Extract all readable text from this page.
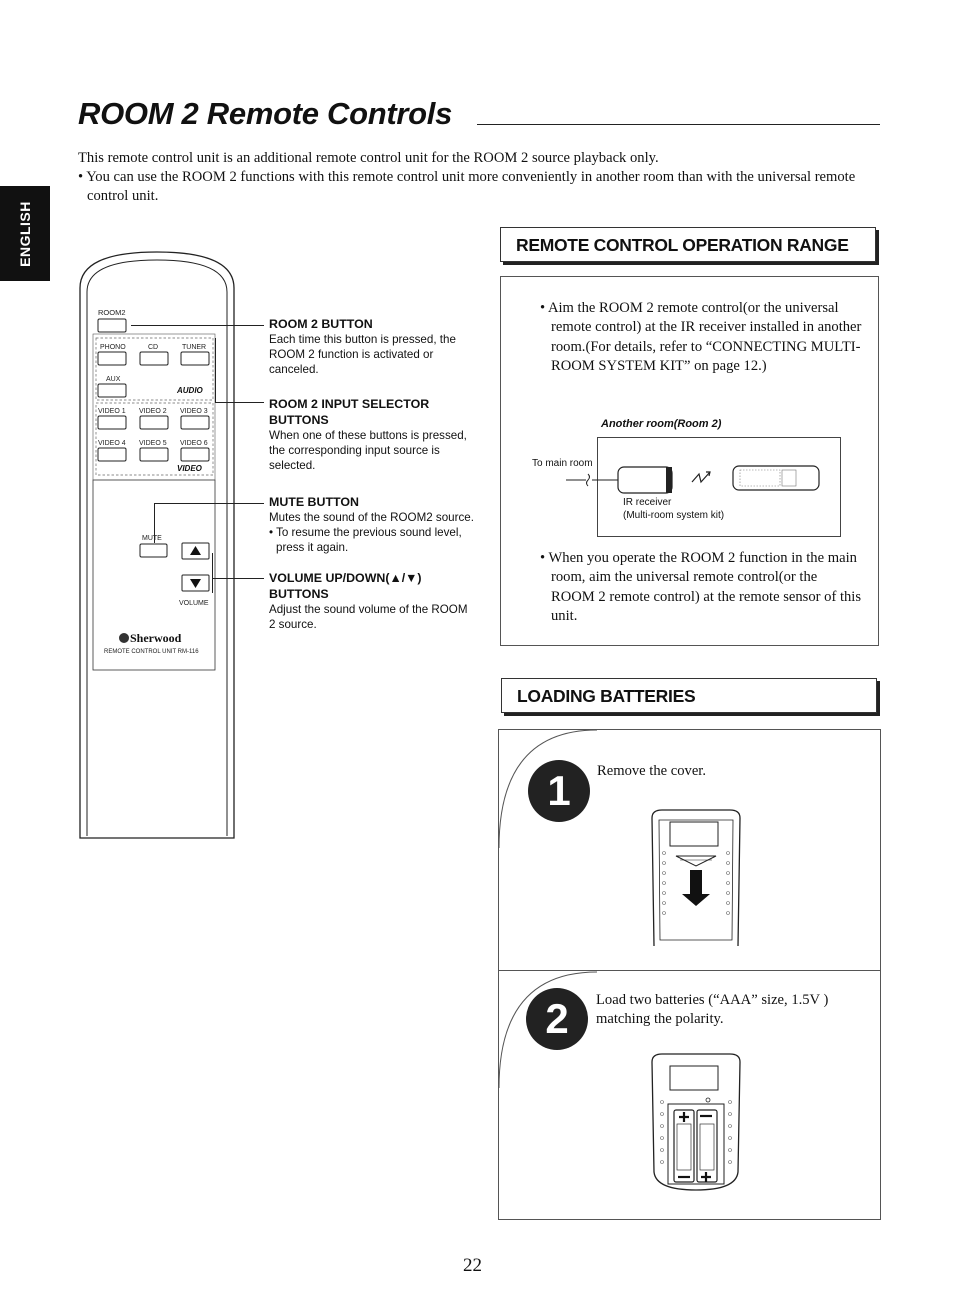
ROOM 2 Remote Controls

This remote control unit is an additional remote control unit for the ROOM 2 source playback only.

• You can use the ROOM 2 functions with this remote control unit more conveniently in another room than with the universal remote control unit.

ENGLISH
ROOM2
PHONO	CD	TUNER
AUX
AUDIO
VIDEO 1 VIDEO 2 VIDEO 3
VIDEO 4 VIDEO 5 VIDEO 6
VIDEO
MUTE
VOLUME
Sherwood
REMOTE CONTROL UNIT RM-116
ROOM 2 BUTTON
Each time this button is pressed, the ROOM 2 function is activated or canceled.
ROOM 2 INPUT SELECTOR BUTTONS
When one of these buttons is pressed, the corresponding input source is selected.
MUTE BUTTON
Mutes the sound of the ROOM2 source.
• To resume the previous sound level, press it again.
VOLUME UP/DOWN(▲/▼) BUTTONS
Adjust the sound volume of the ROOM 2 source.
REMOTE CONTROL OPERATION RANGE

• Aim the ROOM 2 remote control(or the universal remote control) at the IR receiver installed in another room.(For details, refer to “CONNECTING MULTI-ROOM SYSTEM KIT” on page 12.)

Another room(Room 2)
To main room
IR receiver
(Multi-room system kit)

• When you operate the ROOM 2 function in the main room, aim the universal remote control(or the ROOM 2 remote control) at the remote sensor of this unit.

LOADING BATTERIES
1	Remove the cover.
2	Load two batteries (“AAA” size, 1.5V ) matching the polarity.
22
